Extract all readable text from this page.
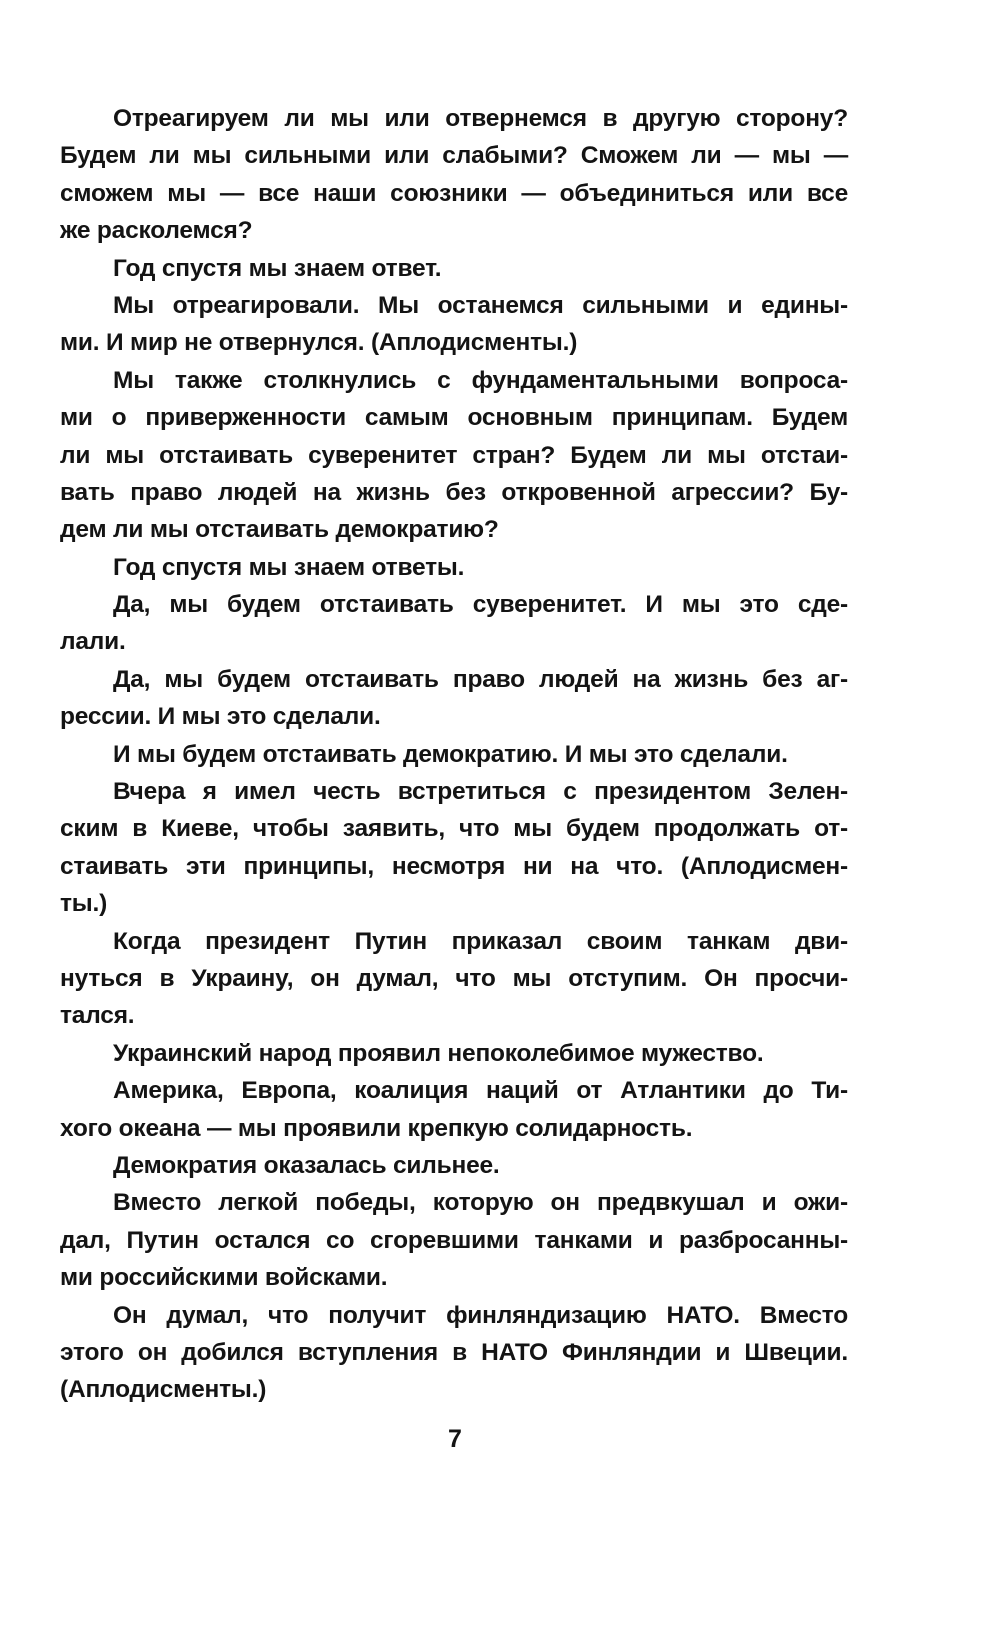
Отреагируем ли мы или отвернемся в другую сторону?
Будем ли мы сильными или слабыми? Сможем ли — мы —
сможем мы — все наши союзники — объединиться или все
же расколемся?
Год спустя мы знаем ответ.
Мы отреагировали. Мы останемся сильными и едины-
ми. И мир не отвернулся. (Аплодисменты.)
Мы также столкнулись с фундаментальными вопроса-
ми о приверженности самым основным принципам. Будем
ли мы отстаивать суверенитет стран? Будем ли мы отстаи-
вать право людей на жизнь без откровенной агрессии? Бу-
дем ли мы отстаивать демократию?
Год спустя мы знаем ответы.
Да, мы будем отстаивать суверенитет. И мы это сде-
лали.
Да, мы будем отстаивать право людей на жизнь без аг-
рессии. И мы это сделали.
И мы будем отстаивать демократию. И мы это сделали.
Вчера я имел честь встретиться с президентом Зелен-
ским в Киеве, чтобы заявить, что мы будем продолжать от-
стаивать эти принципы, несмотря ни на что. (Аплодисмен-
ты.)
Когда президент Путин приказал своим танкам дви-
нуться в Украину, он думал, что мы отступим. Он просчи-
тался.
Украинский народ проявил непоколебимое мужество.
Америка, Европа, коалиция наций от Атлантики до Ти-
хого океана — мы проявили крепкую солидарность.
Демократия оказалась сильнее.
Вместо легкой победы, которую он предвкушал и ожи-
дал, Путин остался со сгоревшими танками и разбросанны-
ми российскими войсками.
Он думал, что получит финляндизацию НАТО. Вместо
этого он добился вступления в НАТО Финляндии и Швеции.
(Аплодисменты.)
7
